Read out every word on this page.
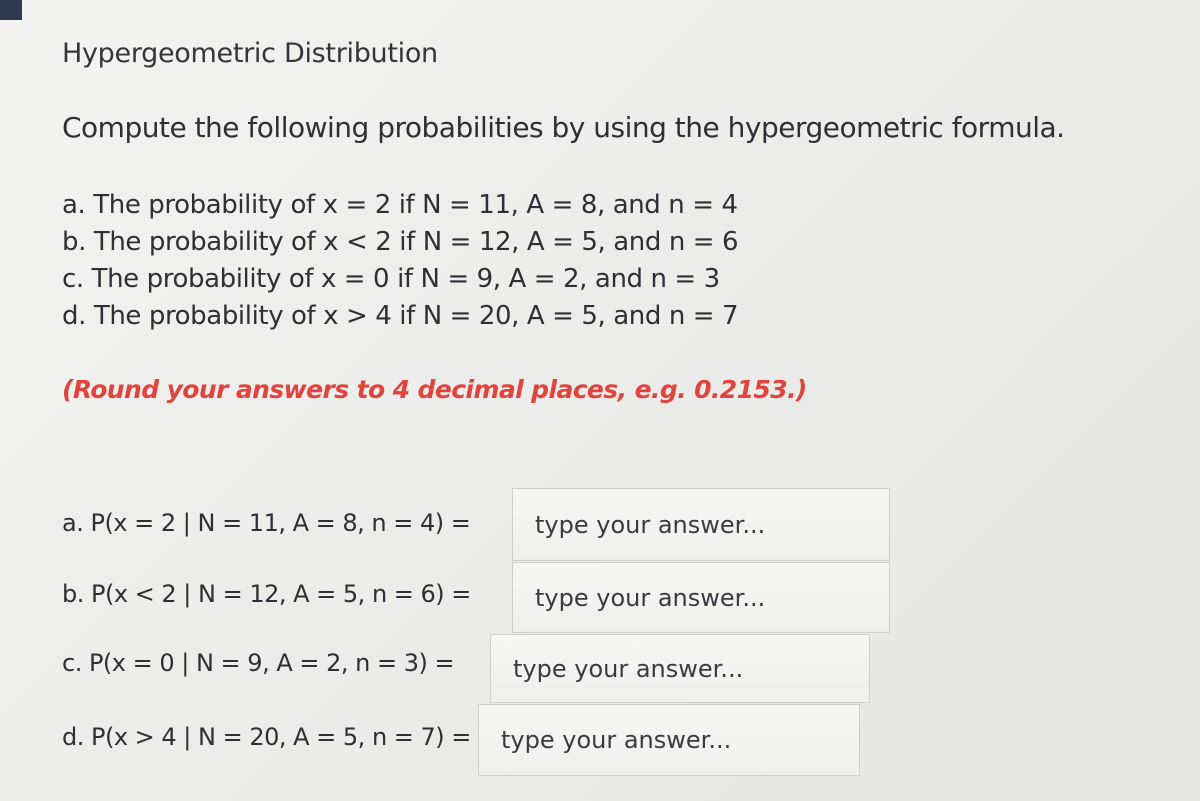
Hypergeometric Distribution
Compute the following probabilities by using the hypergeometric formula.
a. The probability of x = 2 if N = 11, A = 8, and n = 4
b. The probability of x < 2 if N = 12, A = 5, and n = 6
c. The probability of x = 0 if N = 9, A = 2, and n = 3
d. The probability of x > 4 if N = 20, A = 5, and n = 7
(Round your answers to 4 decimal places, e.g. 0.2153.)
a. P(x = 2 | N = 11, A = 8, n = 4) =
type your answer...
b. P(x < 2 | N = 12, A = 5, n = 6) =
type your answer...
c. P(x = 0 | N = 9, A = 2, n = 3) =
type your answer...
d. P(x > 4 | N = 20, A = 5, n = 7) =
type your answer...
